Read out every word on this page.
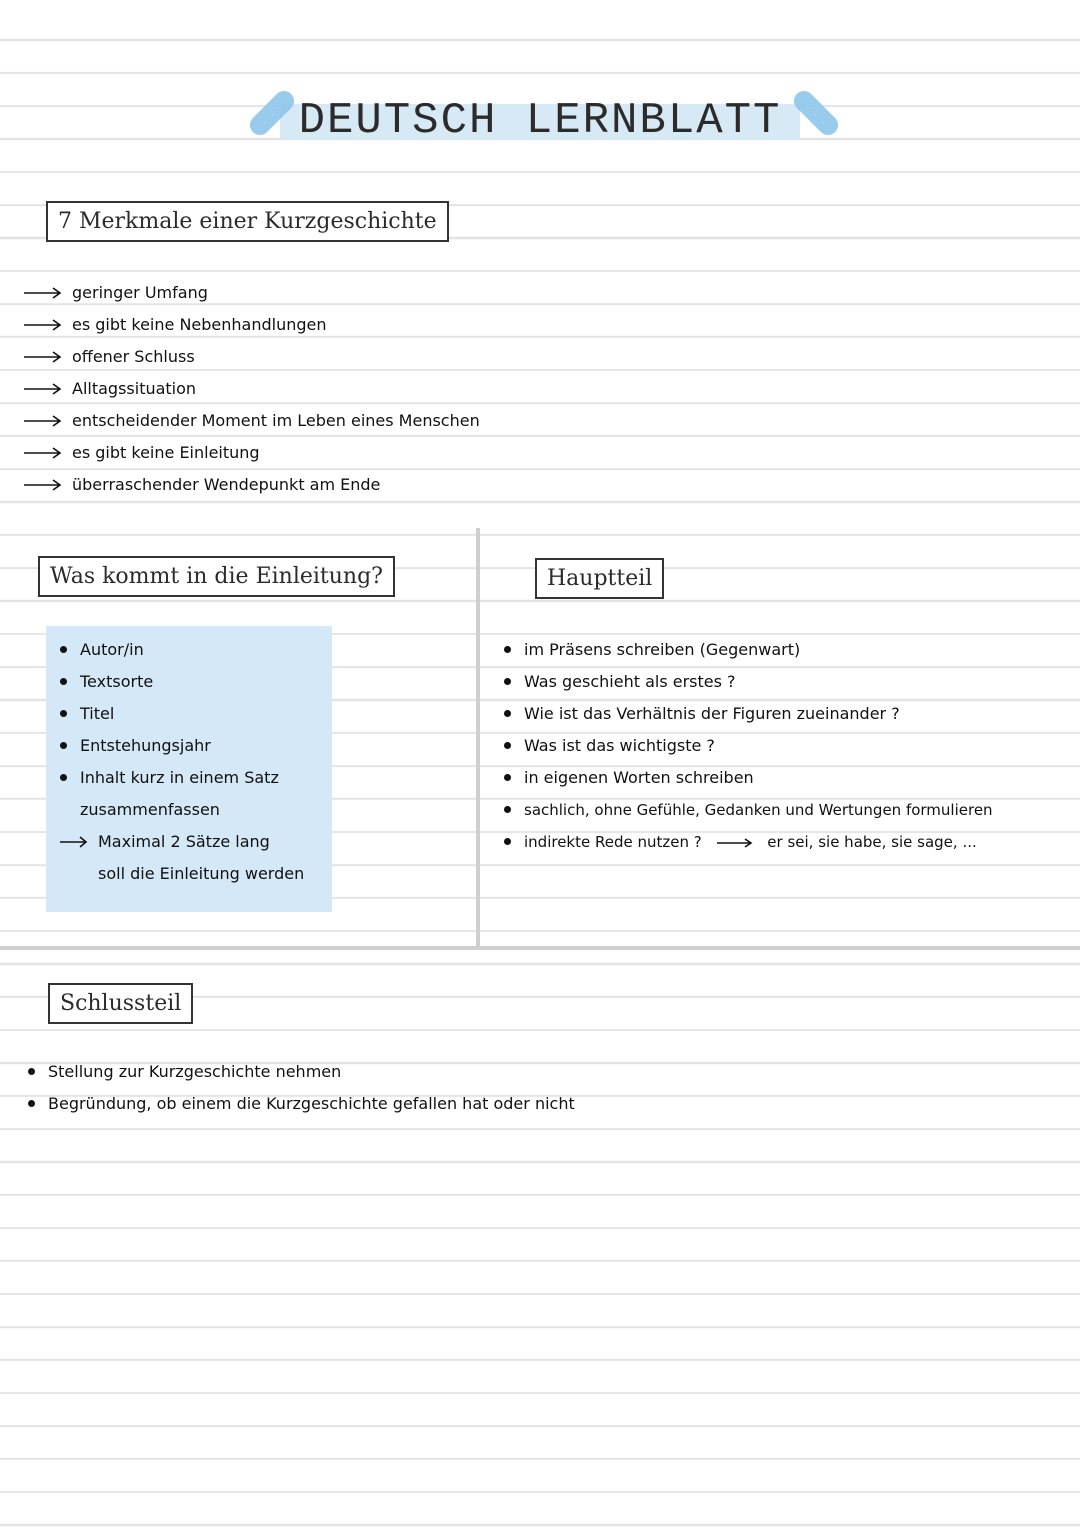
DEUTSCH LERNBLATT
7 Merkmale einer Kurzgeschichte
geringer Umfang
es gibt keine Nebenhandlungen
offener Schluss
Alltagssituation
entscheidender Moment im Leben eines Menschen
es gibt keine Einleitung
überraschender Wendepunkt am Ende
Was kommt in die Einleitung?
Autor/in
Textsorte
Titel
Entstehungsjahr
Inhalt kurz in einem Satz
zusammenfassen
Maximal 2 Sätze lang
soll die Einleitung werden
Hauptteil
im Präsens schreiben (Gegenwart)
Was geschieht als erstes ?
Wie ist das Verhältnis der Figuren zueinander ?
Was ist das wichtigste ?
in eigenen Worten schreiben
sachlich, ohne Gefühle, Gedanken und Wertungen formulieren
indirekte Rede nutzen ?	er sei, sie habe, sie sage, ...
Schlussteil
Stellung zur Kurzgeschichte nehmen
Begründung, ob einem die Kurzgeschichte gefallen hat oder nicht
